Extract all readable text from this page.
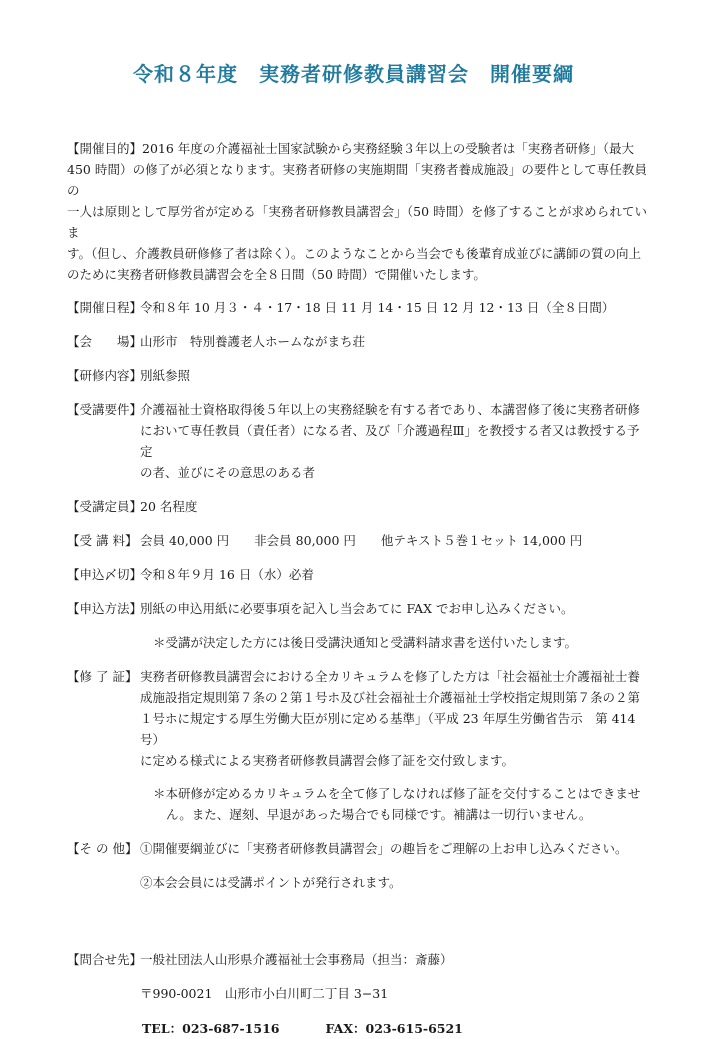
令和８年度　実務者研修教員講習会　開催要綱
【開催目的】2016 年度の介護福祉士国家試験から実務経験３年以上の受験者は「実務者研修」（最大
450 時間）の修了が必須となります。実務者研修の実施期間「実務者養成施設」の要件として専任教員の
一人は原則として厚労省が定める「実務者研修教員講習会」（50 時間）を修了することが求められていま
す。（但し、介護教員研修修了者は除く）。このようなことから当会でも後輩育成並びに講師の質の向上
のために実務者研修教員講習会を全８日間（50 時間）で開催いたします。
【開催日程】
令和８年 10 月３・４・17・18 日 11 月 14・15 日 12 月 12・13 日（全８日間）
【会　　場】
山形市　特別養護老人ホームながまち荘
【研修内容】
別紙参照
【受講要件】
介護福祉士資格取得後５年以上の実務経験を有する者であり、本講習修了後に実務者研修
において専任教員（責任者）になる者、及び「介護過程Ⅲ」を教授する者又は教授する予定
の者、並びにその意思のある者
【受講定員】
20 名程度
【受 講 料】 会員 40,000 円　　非会員 80,000 円　　他テキスト５巻１セット 14,000 円
【申込〆切】
令和８年９月 16 日（水）必着
【申込方法】
別紙の申込用紙に必要事項を記入し当会あてに FAX でお申し込みください。
＊受講が決定した方には後日受講決通知と受講料請求書を送付いたします。
【修 了 証】 実務者研修教員講習会における全カリキュラムを修了した方は「社会福祉士介護福祉士養
成施設指定規則第７条の２第１号ホ及び社会福祉士介護福祉士学校指定規則第７条の２第
１号ホに規定する厚生労働大臣が別に定める基準」（平成 23 年厚生労働省告示　第 414 号）
に定める様式による実務者研修教員講習会修了証を交付致します。
＊本研修が定めるカリキュラムを全て修了しなければ修了証を交付することはできませ
ん。また、遅刻、早退があった場合でも同様です。補講は一切行いません。
【そ の 他】 ①開催要綱並びに「実務者研修教員講習会」の趣旨をご理解の上お申し込みください。
②本会会員には受講ポイントが発行されます。
【問合せ先】
一般社団法人山形県介護福祉士会事務局（担当：斎藤）
〒990-0021　山形市小白川町二丁目 3−31
TEL：023-687-1516	FAX：023-615-6521
